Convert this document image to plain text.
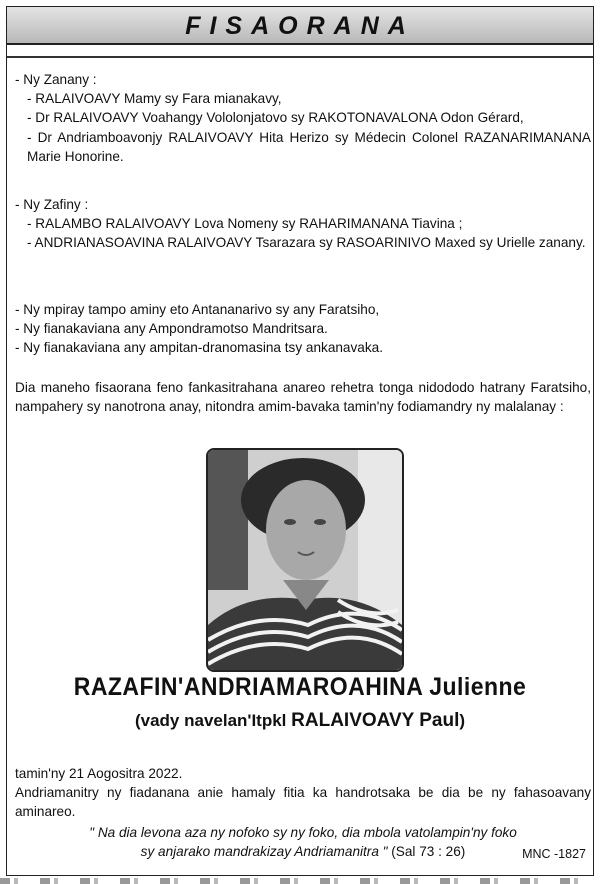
FISAORANA

- Ny Zanany :

- RALAIVOAVY Mamy sy Fara mianakavy,

- Dr RALAIVOAVY Voahangy Vololonjatovo sy RAKOTONAVALONA Odon Gérard,

- Dr Andriamboavonjy RALAIVOAVY Hita Herizo sy Médecin Colonel RAZANARIMANANA Marie Honorine.

- Ny Zafiny :

- RALAMBO RALAIVOAVY Lova Nomeny sy RAHARIMANANA Tiavina ;

- ANDRIANASOAVINA RALAIVOAVY Tsarazara sy RASOARINIVO Maxed sy Urielle zanany.

- Ny mpiray tampo aminy eto Antananarivo sy any Faratsiho,

- Ny fianakaviana any Ampondramotso Mandritsara.

- Ny fianakaviana any ampitan-dranomasina tsy ankanavaka.

Dia maneho fisaorana feno fankasitrahana anareo rehetra tonga nidododo hatrany Faratsiho, nampahery sy nanotrona anay, nitondra amim-bavaka tamin'ny fodiamandry ny malalanay :
RAZAFIN'ANDRIAMAROAHINA Julienne
(vady navelan'Itpkl RALAIVOAVY Paul)

tamin'ny 21 Aogositra 2022.

Andriamanitry ny fiadanana anie hamaly fitia ka handrotsaka be dia be ny fahasoavany aminareo.

" Na dia levona aza ny nofoko sy ny foko, dia mbola vatolampin'ny foko
sy anjarako mandrakizay Andriamanitra " (Sal 73 : 26)	MNC -1827
